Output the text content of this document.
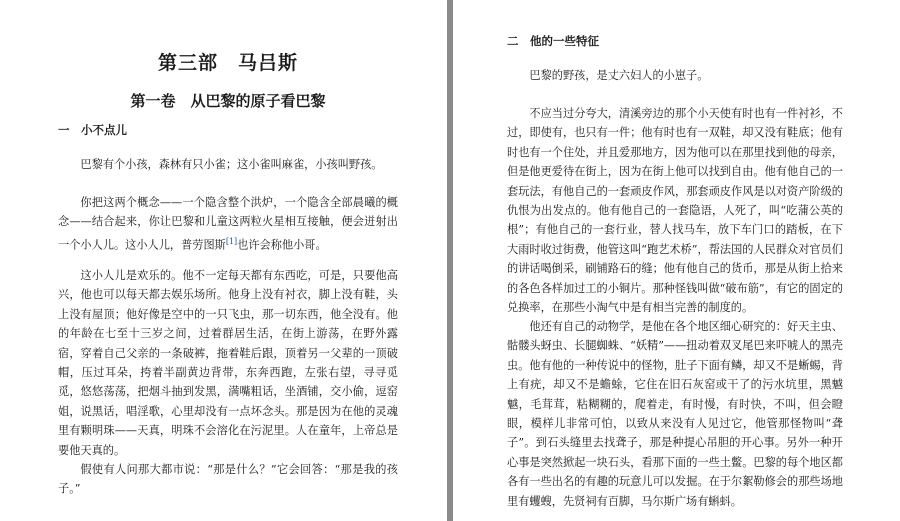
第三部　马吕斯
第一卷　从巴黎的原子看巴黎
一　小不点儿

巴黎有个小孩，森林有只小雀；这小雀叫麻雀，小孩叫野孩。

你把这两个概念——一个隐含整个洪炉，一个隐含全部晨曦的概念——结合起来，你让巴黎和儿童这两粒火星相互接触，便会迸射出一个小人儿。这小人儿，普劳图斯[1]也许会称他小哥。

这小人儿是欢乐的。他不一定每天都有东西吃，可是，只要他高兴，他也可以每天都去娱乐场所。他身上没有衬衣，脚上没有鞋，头上没有屋顶；他好像是空中的一只飞虫，那一切东西，他全没有。他的年龄在七至十三岁之间，过着群居生活，在街上游荡，在野外露宿，穿着自己父亲的一条破裤，拖着鞋后跟，顶着另一父辈的一顶破帽，压过耳朵，挎着半副黄边背带，东奔西跑，左张右望，寻寻觅觅，悠悠荡荡，把烟斗抽到发黑，满嘴粗话，坐酒铺，交小偷，逗窑姐，说黑话，唱淫歌，心里却没有一点坏念头。那是因为在他的灵魂里有颗明珠——天真，明珠不会溶化在污泥里。人在童年，上帝总是要他天真的。

假使有人问那大都市说：“那是什么？”它会回答：“那是我的孩子。”

二　他的一些特征

巴黎的野孩，是丈六妇人的小崽子。

不应当过分夸大，清溪旁边的那个小天使有时也有一件衬衫，不过，即使有，也只有一件；他有时也有一双鞋，却又没有鞋底；他有时也有一个住处，并且爱那地方，因为他可以在那里找到他的母亲，但是他更爱待在街上，因为在街上他可以找到自由。他有他自己的一套玩法，有他自己的一套顽皮作风，那套顽皮作风是以对资产阶级的仇恨为出发点的。他有他自己的一套隐语，人死了，叫“吃蒲公英的根”；有他自己的一套行业，替人找马车，放下车门口的踏板，在下大雨时收过街费，他管这叫“跑艺术桥”，帮法国的人民群众对官员们的讲话喝倒采，刷铺路石的缝；他有他自己的货币，那是从街上拾来的各色各样加过工的小铜片。那种怪钱叫做“破布筋”，有它的固定的兑换率，在那些小淘气中是有相当完善的制度的。

他还有自己的动物学，是他在各个地区细心研究的：好天主虫、骷髅头蚜虫、长腿蜘蛛、“妖精”——扭动着双叉尾巴来吓唬人的黑壳虫。他有他的一种传说中的怪物，肚子下面有鳞，却又不是蜥蜴，背上有疣，却又不是蟾蜍，它住在旧石灰窑或干了的污水坑里，黑魆魆，毛茸茸，粘糊糊的，爬着走，有时慢，有时快，不叫，但会瞪眼，模样儿非常可怕，以致从来没有人见过它，他管那怪物叫“聋子”。到石头缝里去找聋子，那是种提心吊胆的开心事。另外一种开心事是突然掀起一块石头，看那下面的一些土鳖。巴黎的每个地区都各有一些出名的有趣的玩意儿可以发掘。在于尔絮勒修会的那些场地里有蠼螋，先贤祠有百脚，马尔斯广场有蝌蚪。
